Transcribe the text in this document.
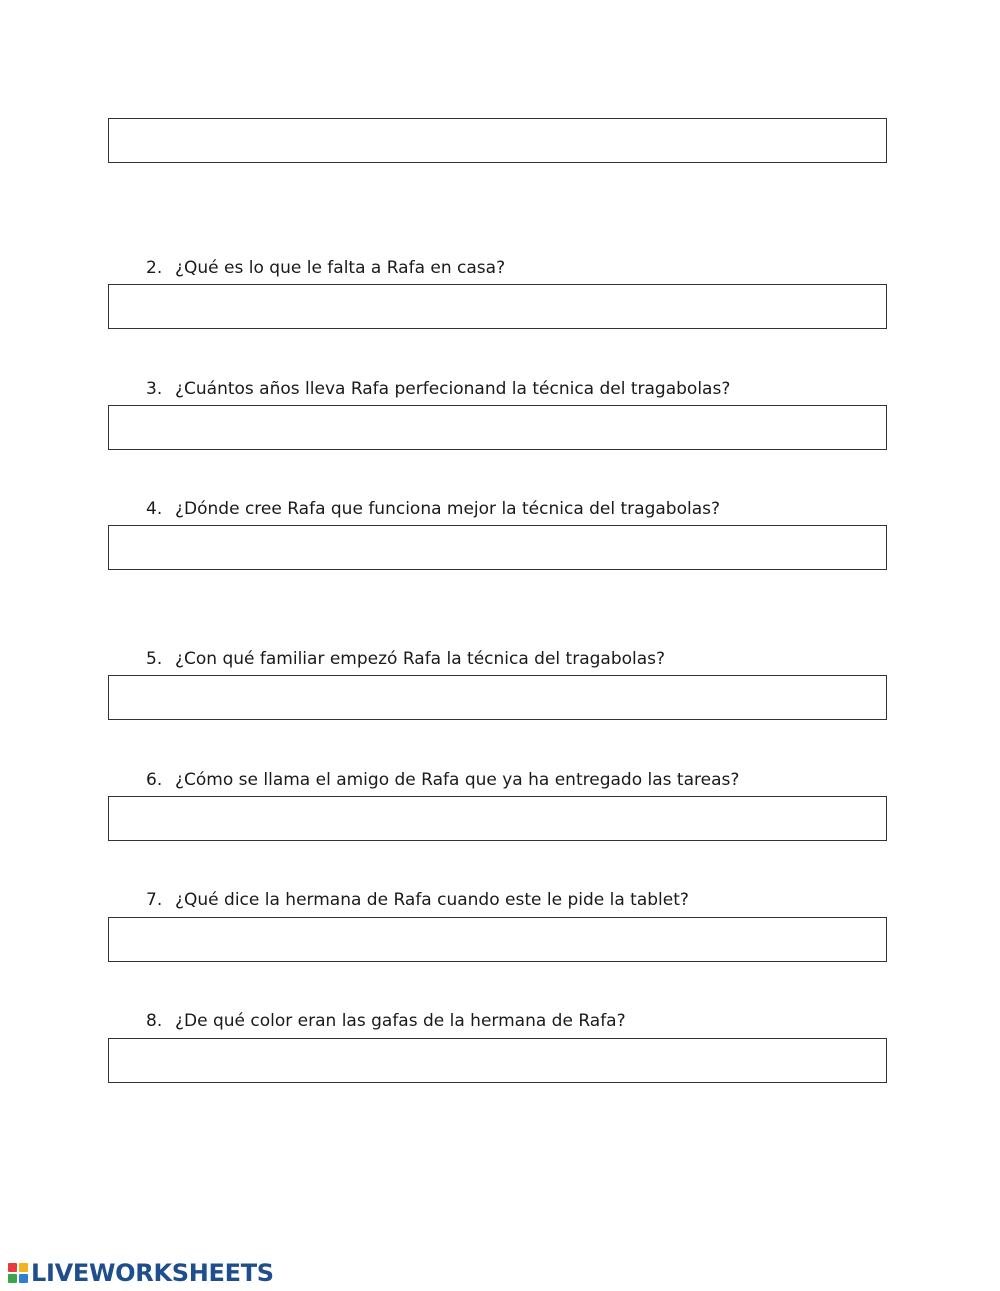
2. ¿Qué es lo que le falta a Rafa en casa?
3. ¿Cuántos años lleva Rafa perfecionand la técnica del tragabolas?
4. ¿Dónde cree Rafa que funciona mejor la técnica del tragabolas?
5. ¿Con qué familiar empezó Rafa la técnica del tragabolas?
6. ¿Cómo se llama el amigo de Rafa que ya ha entregado las tareas?
7. ¿Qué dice la hermana de Rafa cuando este le pide la tablet?
8. ¿De qué color eran las gafas de la hermana de Rafa?
LIVEWORKSHEETS
